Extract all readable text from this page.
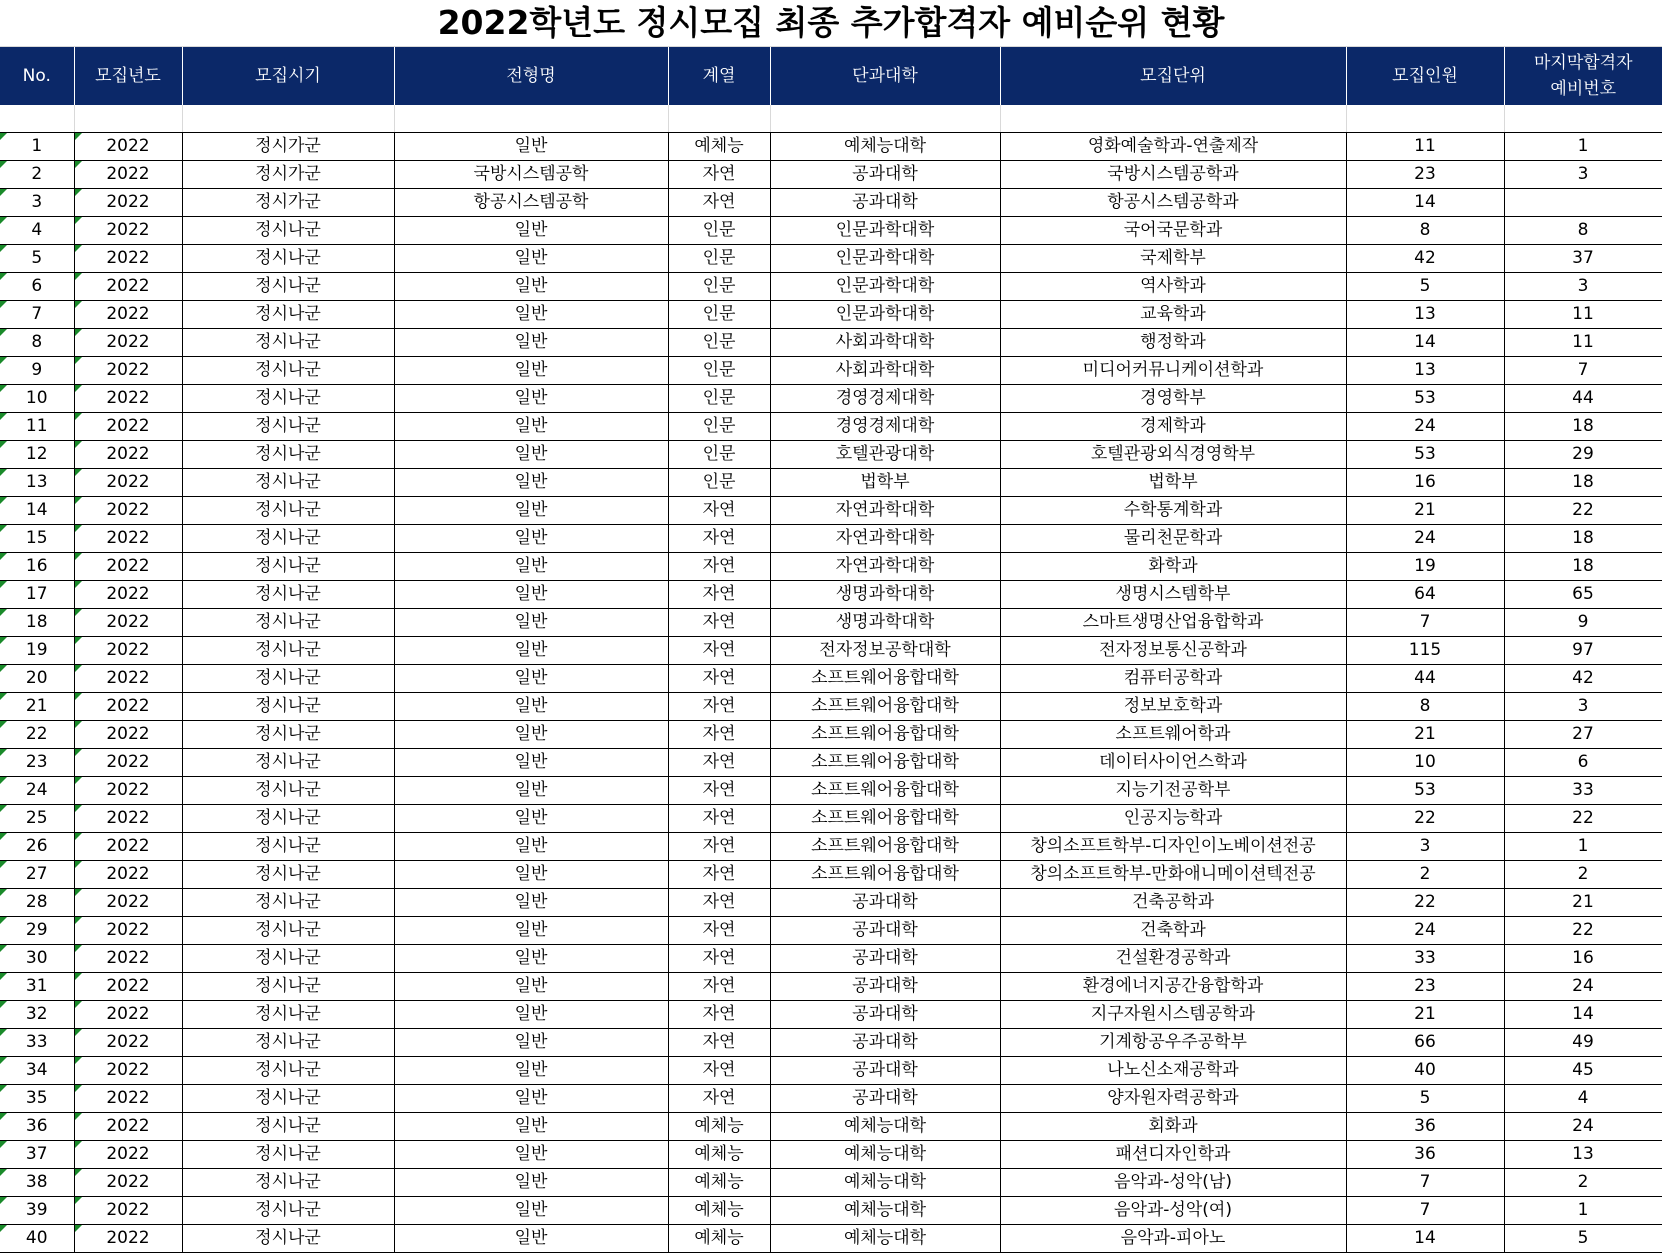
2022학년도 정시모집 최종 추가합격자 예비순위 현황

No.	모집년도	모집시기	전형명	계열	단과대학	모집단위	모집인원	마지막합격자
예비번호
1	2022	정시가군	일반	예체능	예체능대학	영화예술학과-연출제작	11	1
2	2022	정시가군	국방시스템공학	자연	공과대학	국방시스템공학과	23	3
3	2022	정시가군	항공시스템공학	자연	공과대학	항공시스템공학과	14	
4	2022	정시나군	일반	인문	인문과학대학	국어국문학과	8	8
5	2022	정시나군	일반	인문	인문과학대학	국제학부	42	37
6	2022	정시나군	일반	인문	인문과학대학	역사학과	5	3
7	2022	정시나군	일반	인문	인문과학대학	교육학과	13	11
8	2022	정시나군	일반	인문	사회과학대학	행정학과	14	11
9	2022	정시나군	일반	인문	사회과학대학	미디어커뮤니케이션학과	13	7
10	2022	정시나군	일반	인문	경영경제대학	경영학부	53	44
11	2022	정시나군	일반	인문	경영경제대학	경제학과	24	18
12	2022	정시나군	일반	인문	호텔관광대학	호텔관광외식경영학부	53	29
13	2022	정시나군	일반	인문	법학부	법학부	16	18
14	2022	정시나군	일반	자연	자연과학대학	수학통계학과	21	22
15	2022	정시나군	일반	자연	자연과학대학	물리천문학과	24	18
16	2022	정시나군	일반	자연	자연과학대학	화학과	19	18
17	2022	정시나군	일반	자연	생명과학대학	생명시스템학부	64	65
18	2022	정시나군	일반	자연	생명과학대학	스마트생명산업융합학과	7	9
19	2022	정시나군	일반	자연	전자정보공학대학	전자정보통신공학과	115	97
20	2022	정시나군	일반	자연	소프트웨어융합대학	컴퓨터공학과	44	42
21	2022	정시나군	일반	자연	소프트웨어융합대학	정보보호학과	8	3
22	2022	정시나군	일반	자연	소프트웨어융합대학	소프트웨어학과	21	27
23	2022	정시나군	일반	자연	소프트웨어융합대학	데이터사이언스학과	10	6
24	2022	정시나군	일반	자연	소프트웨어융합대학	지능기전공학부	53	33
25	2022	정시나군	일반	자연	소프트웨어융합대학	인공지능학과	22	22
26	2022	정시나군	일반	자연	소프트웨어융합대학	창의소프트학부-디자인이노베이션전공	3	1
27	2022	정시나군	일반	자연	소프트웨어융합대학	창의소프트학부-만화애니메이션텍전공	2	2
28	2022	정시나군	일반	자연	공과대학	건축공학과	22	21
29	2022	정시나군	일반	자연	공과대학	건축학과	24	22
30	2022	정시나군	일반	자연	공과대학	건설환경공학과	33	16
31	2022	정시나군	일반	자연	공과대학	환경에너지공간융합학과	23	24
32	2022	정시나군	일반	자연	공과대학	지구자원시스템공학과	21	14
33	2022	정시나군	일반	자연	공과대학	기계항공우주공학부	66	49
34	2022	정시나군	일반	자연	공과대학	나노신소재공학과	40	45
35	2022	정시나군	일반	자연	공과대학	양자원자력공학과	5	4
36	2022	정시나군	일반	예체능	예체능대학	회화과	36	24
37	2022	정시나군	일반	예체능	예체능대학	패션디자인학과	36	13
38	2022	정시나군	일반	예체능	예체능대학	음악과-성악(남)	7	2
39	2022	정시나군	일반	예체능	예체능대학	음악과-성악(여)	7	1
40	2022	정시나군	일반	예체능	예체능대학	음악과-피아노	14	5
